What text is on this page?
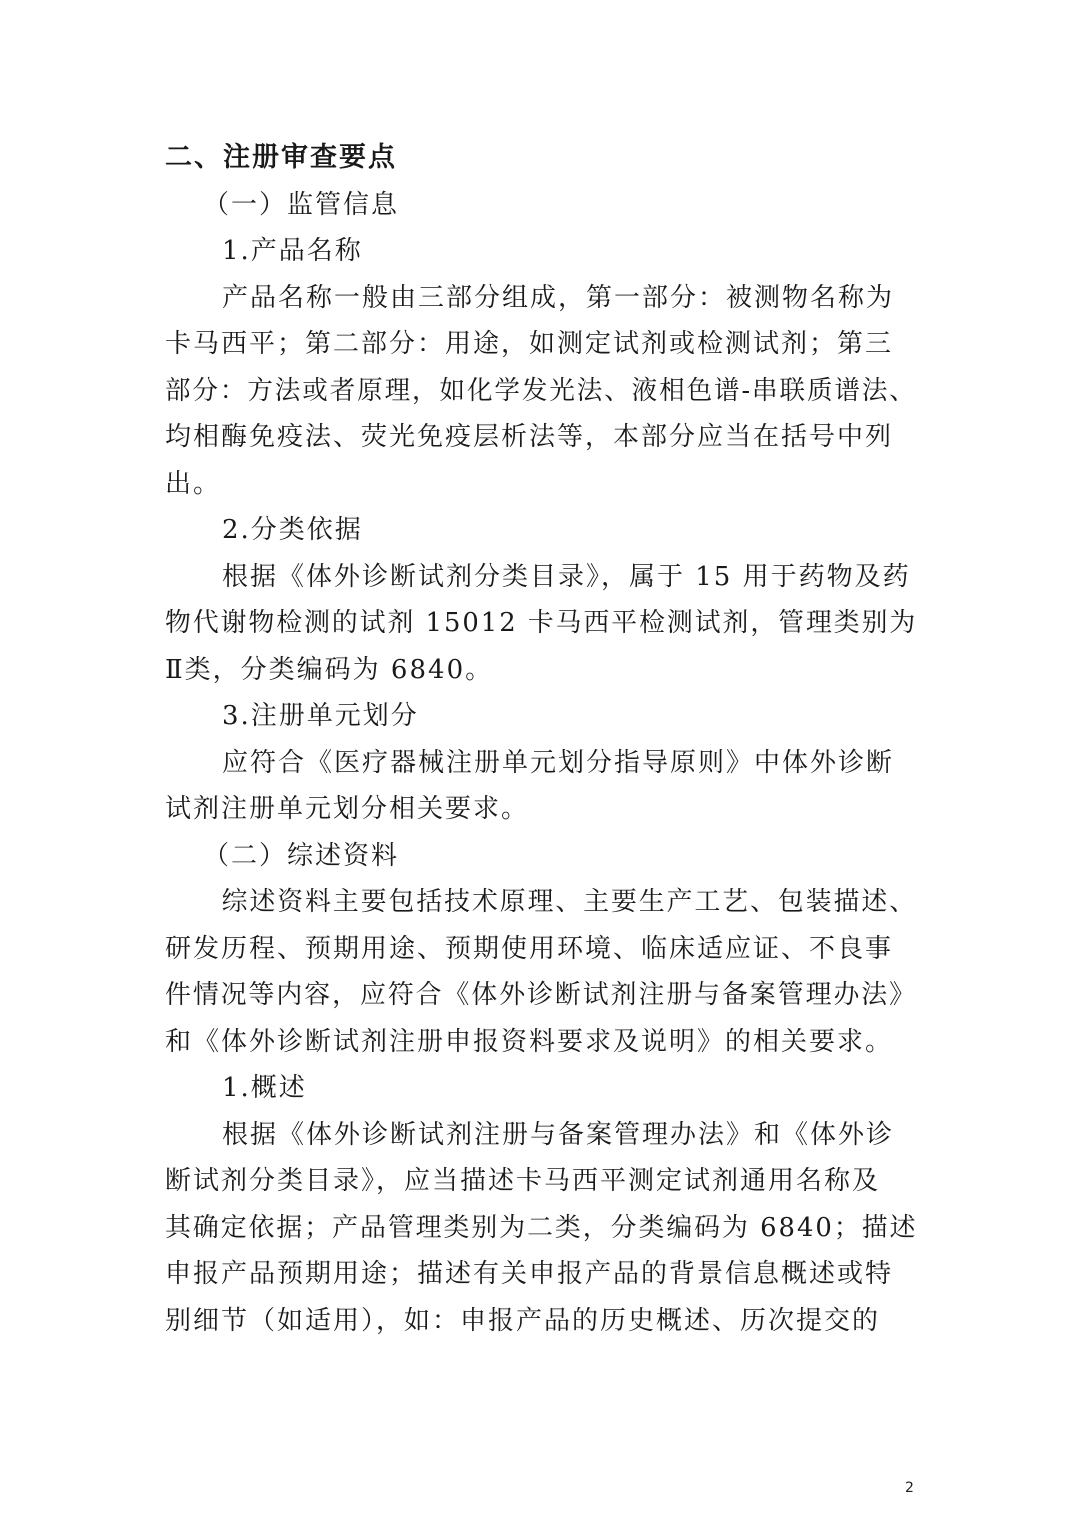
二、注册审查要点
（一）监管信息
1.产品名称
产品名称一般由三部分组成，第一部分：被测物名称为
卡马西平；第二部分：用途，如测定试剂或检测试剂；第三
部分：方法或者原理，如化学发光法、液相色谱-串联质谱法、
均相酶免疫法、荧光免疫层析法等，本部分应当在括号中列
出。
2.分类依据
根据《体外诊断试剂分类目录》，属于 15 用于药物及药
物代谢物检测的试剂 15012 卡马西平检测试剂，管理类别为
Ⅱ类，分类编码为 6840。
3.注册单元划分
应符合《医疗器械注册单元划分指导原则》中体外诊断
试剂注册单元划分相关要求。
（二）综述资料
综述资料主要包括技术原理、主要生产工艺、包装描述、
研发历程、预期用途、预期使用环境、临床适应证、不良事
件情况等内容，应符合《体外诊断试剂注册与备案管理办法》
和《体外诊断试剂注册申报资料要求及说明》的相关要求。
1.概述
根据《体外诊断试剂注册与备案管理办法》和《体外诊
断试剂分类目录》，应当描述卡马西平测定试剂通用名称及
其确定依据；产品管理类别为二类，分类编码为 6840；描述
申报产品预期用途；描述有关申报产品的背景信息概述或特
别细节（如适用），如：申报产品的历史概述、历次提交的
2
